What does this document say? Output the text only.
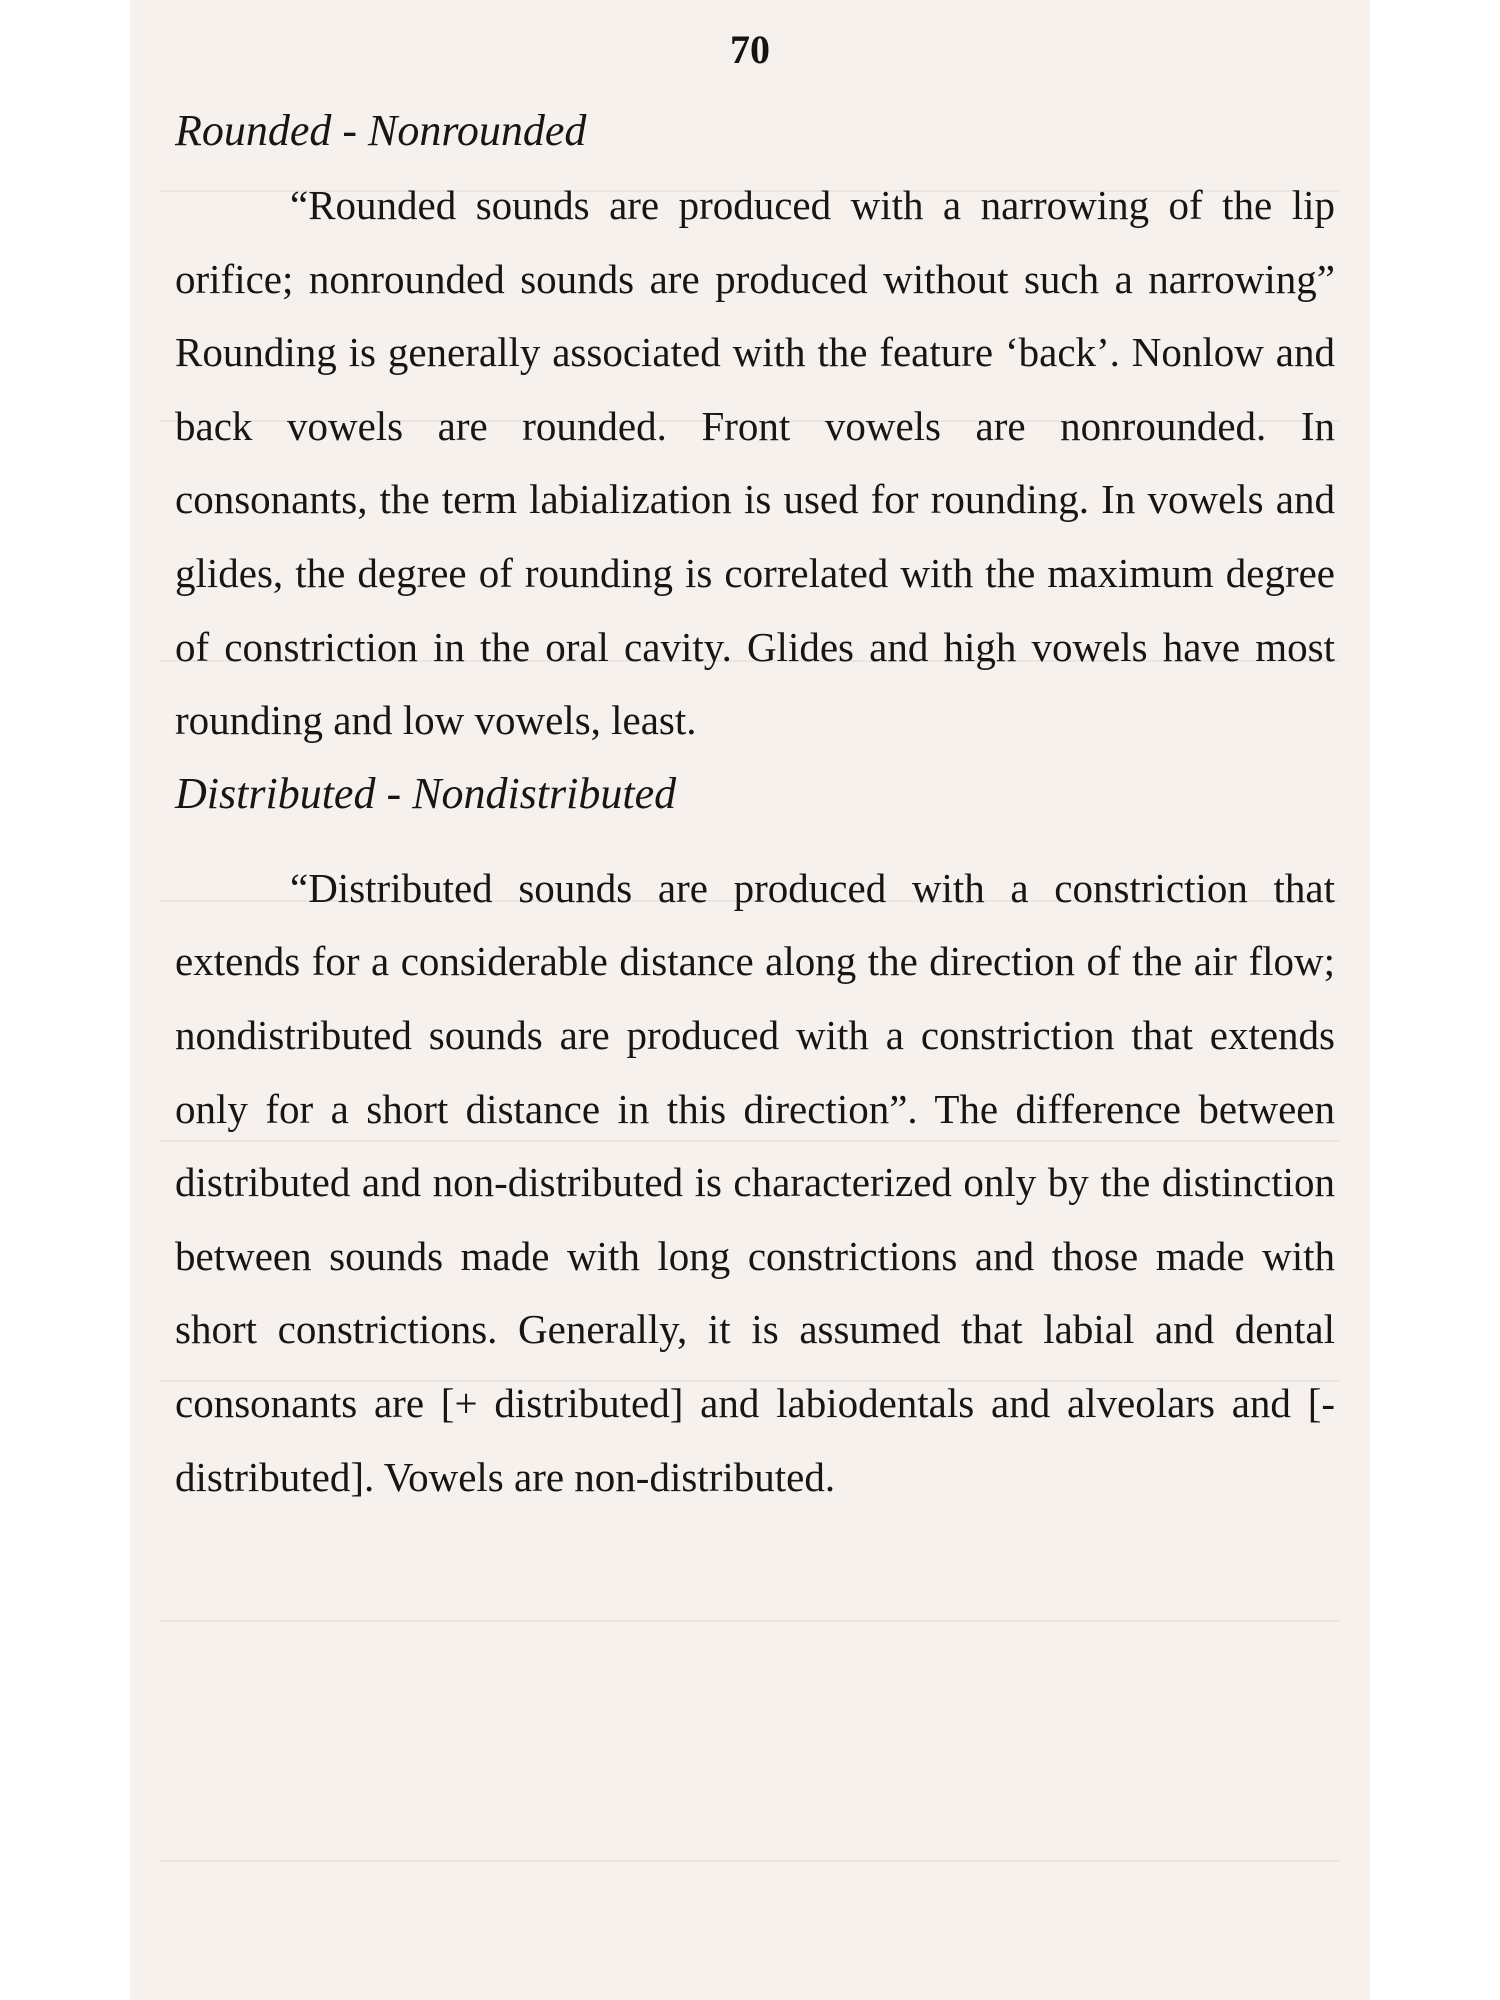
70

Rounded - Nonrounded

“Rounded sounds are produced with a narrowing of the lip orifice; nonrounded sounds are produced without such a narrowing” Rounding is generally associated with the feature ‘back’. Nonlow and back vowels are rounded. Front vowels are nonrounded. In consonants, the term labialization is used for rounding. In vowels and glides, the degree of rounding is correlated with the maximum degree of constriction in the oral cavity. Glides and high vowels have most rounding and low vowels, least.

Distributed - Nondistributed

“Distributed sounds are produced with a constriction that extends for a considerable distance along the direction of the air flow; nondistributed sounds are produced with a constriction that extends only for a short distance in this direction”. The difference between distributed and non-distributed is characterized only by the distinction between sounds made with long constrictions and those made with short constrictions. Generally, it is assumed that labial and dental consonants are [+ distributed] and labiodentals and alveolars and [- distributed]. Vowels are non-distributed.
